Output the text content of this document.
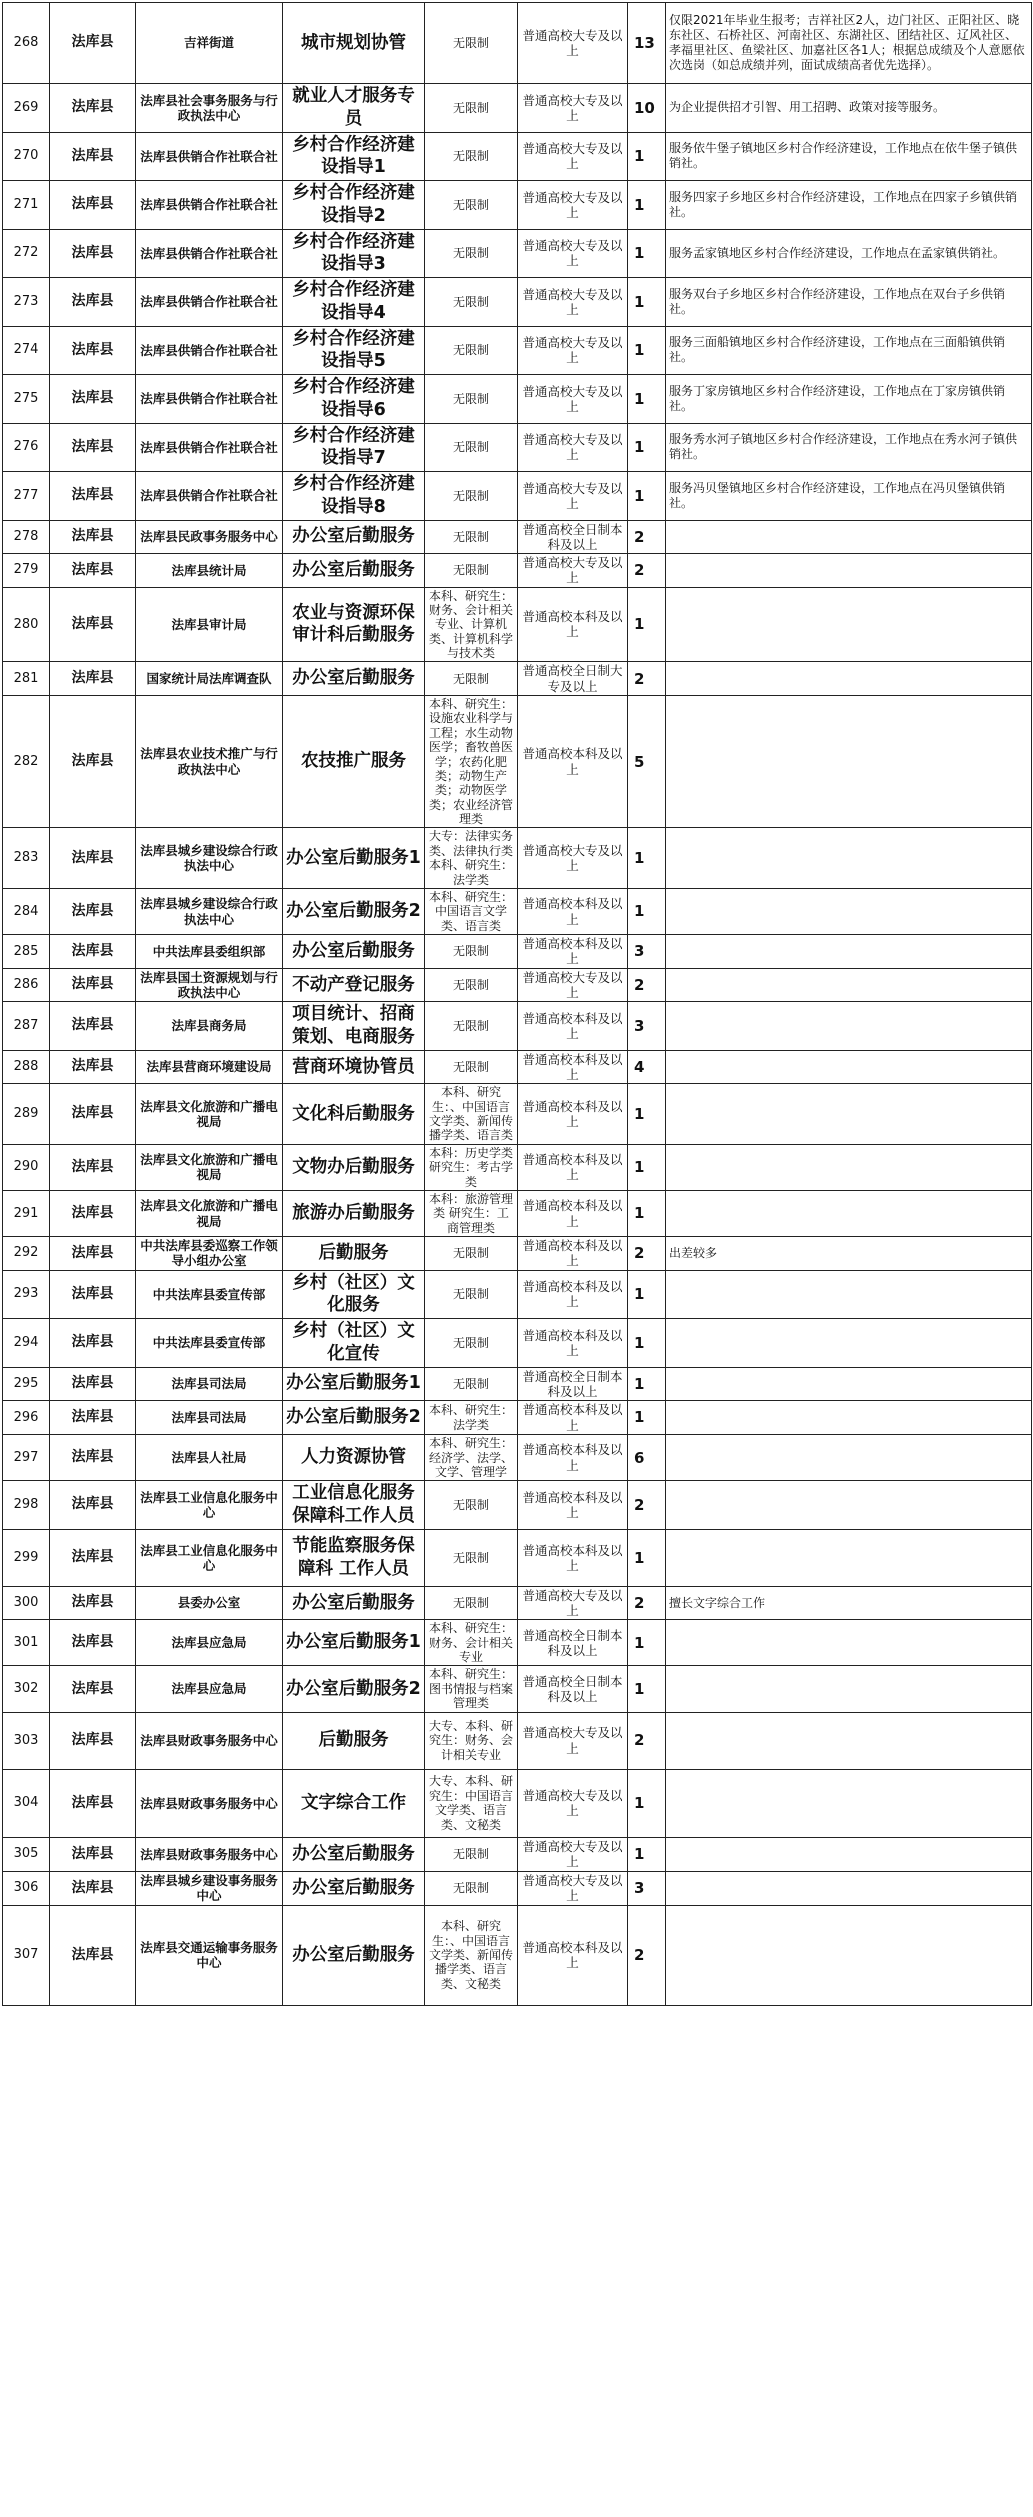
268	法库县	吉祥街道	城市规划协管	无限制	普通高校大专及以上	13	仅限2021年毕业生报考；吉祥社区2人，边门社区、正阳社区、晓东社区、石桥社区、河南社区、东湖社区、团结社区、辽风社区、孝福里社区、鱼梁社区、加嘉社区各1人；根据总成绩及个人意愿依次选岗（如总成绩并列，面试成绩高者优先选择）。
269	法库县	法库县社会事务服务与行政执法中心	就业人才服务专员	无限制	普通高校大专及以上	10	为企业提供招才引智、用工招聘、政策对接等服务。
270	法库县	法库县供销合作社联合社	乡村合作经济建设指导1	无限制	普通高校大专及以上	1	服务依牛堡子镇地区乡村合作经济建设，工作地点在依牛堡子镇供销社。
271	法库县	法库县供销合作社联合社	乡村合作经济建设指导2	无限制	普通高校大专及以上	1	服务四家子乡地区乡村合作经济建设，工作地点在四家子乡镇供销社。
272	法库县	法库县供销合作社联合社	乡村合作经济建设指导3	无限制	普通高校大专及以上	1	服务孟家镇地区乡村合作经济建设，工作地点在孟家镇供销社。
273	法库县	法库县供销合作社联合社	乡村合作经济建设指导4	无限制	普通高校大专及以上	1	服务双台子乡地区乡村合作经济建设，工作地点在双台子乡供销社。
274	法库县	法库县供销合作社联合社	乡村合作经济建设指导5	无限制	普通高校大专及以上	1	服务三面船镇地区乡村合作经济建设，工作地点在三面船镇供销社。
275	法库县	法库县供销合作社联合社	乡村合作经济建设指导6	无限制	普通高校大专及以上	1	服务丁家房镇地区乡村合作经济建设，工作地点在丁家房镇供销社。
276	法库县	法库县供销合作社联合社	乡村合作经济建设指导7	无限制	普通高校大专及以上	1	服务秀水河子镇地区乡村合作经济建设，工作地点在秀水河子镇供销社。
277	法库县	法库县供销合作社联合社	乡村合作经济建设指导8	无限制	普通高校大专及以上	1	服务冯贝堡镇地区乡村合作经济建设，工作地点在冯贝堡镇供销社。
278	法库县	法库县民政事务服务中心	办公室后勤服务	无限制	普通高校全日制本科及以上	2	
279	法库县	法库县统计局	办公室后勤服务	无限制	普通高校大专及以上	2	
280	法库县	法库县审计局	农业与资源环保审计科后勤服务	本科、研究生：财务、会计相关专业、计算机类、计算机科学与技术类	普通高校本科及以上	1	
281	法库县	国家统计局法库调查队	办公室后勤服务	无限制	普通高校全日制大专及以上	2	
282	法库县	法库县农业技术推广与行政执法中心	农技推广服务	本科、研究生：设施农业科学与工程；水生动物医学；畜牧兽医学；农药化肥类；动物生产类；动物医学类；农业经济管理类	普通高校本科及以上	5	
283	法库县	法库县城乡建设综合行政执法中心	办公室后勤服务1	大专：法律实务类、法律执行类 本科、研究生：法学类	普通高校大专及以上	1	
284	法库县	法库县城乡建设综合行政执法中心	办公室后勤服务2	本科、研究生：中国语言文学类、语言类	普通高校本科及以上	1	
285	法库县	中共法库县委组织部	办公室后勤服务	无限制	普通高校本科及以上	3	
286	法库县	法库县国土资源规划与行政执法中心	不动产登记服务	无限制	普通高校大专及以上	2	
287	法库县	法库县商务局	项目统计、招商策划、电商服务	无限制	普通高校本科及以上	3	
288	法库县	法库县营商环境建设局	营商环境协管员	无限制	普通高校本科及以上	4	
289	法库县	法库县文化旅游和广播电视局	文化科后勤服务	本科、研究生：、中国语言文学类、新闻传播学类、语言类	普通高校本科及以上	1	
290	法库县	法库县文化旅游和广播电视局	文物办后勤服务	本科：历史学类 研究生：考古学类	普通高校本科及以上	1	
291	法库县	法库县文化旅游和广播电视局	旅游办后勤服务	本科：旅游管理类 研究生：工商管理类	普通高校本科及以上	1	
292	法库县	中共法库县委巡察工作领导小组办公室	后勤服务	无限制	普通高校本科及以上	2	出差较多
293	法库县	中共法库县委宣传部	乡村（社区）文化服务	无限制	普通高校本科及以上	1	
294	法库县	中共法库县委宣传部	乡村（社区）文化宣传	无限制	普通高校本科及以上	1	
295	法库县	法库县司法局	办公室后勤服务1	无限制	普通高校全日制本科及以上	1	
296	法库县	法库县司法局	办公室后勤服务2	本科、研究生：法学类	普通高校本科及以上	1	
297	法库县	法库县人社局	人力资源协管	本科、研究生：经济学、法学、文学、管理学	普通高校本科及以上	6	
298	法库县	法库县工业信息化服务中心	工业信息化服务保障科工作人员	无限制	普通高校本科及以上	2	
299	法库县	法库县工业信息化服务中心	节能监察服务保障科 工作人员	无限制	普通高校本科及以上	1	
300	法库县	县委办公室	办公室后勤服务	无限制	普通高校大专及以上	2	擅长文字综合工作
301	法库县	法库县应急局	办公室后勤服务1	本科、研究生：财务、会计相关专业	普通高校全日制本科及以上	1	
302	法库县	法库县应急局	办公室后勤服务2	本科、研究生：图书情报与档案管理类	普通高校全日制本科及以上	1	
303	法库县	法库县财政事务服务中心	后勤服务	大专、本科、研究生：财务、会计相关专业	普通高校大专及以上	2	
304	法库县	法库县财政事务服务中心	文字综合工作	大专、本科、研究生：中国语言文学类、语言类、文秘类	普通高校大专及以上	1	
305	法库县	法库县财政事务服务中心	办公室后勤服务	无限制	普通高校大专及以上	1	
306	法库县	法库县城乡建设事务服务中心	办公室后勤服务	无限制	普通高校大专及以上	3	
307	法库县	法库县交通运输事务服务中心	办公室后勤服务	本科、研究生：、中国语言文学类、新闻传播学类、语言类、文秘类	普通高校本科及以上	2	
